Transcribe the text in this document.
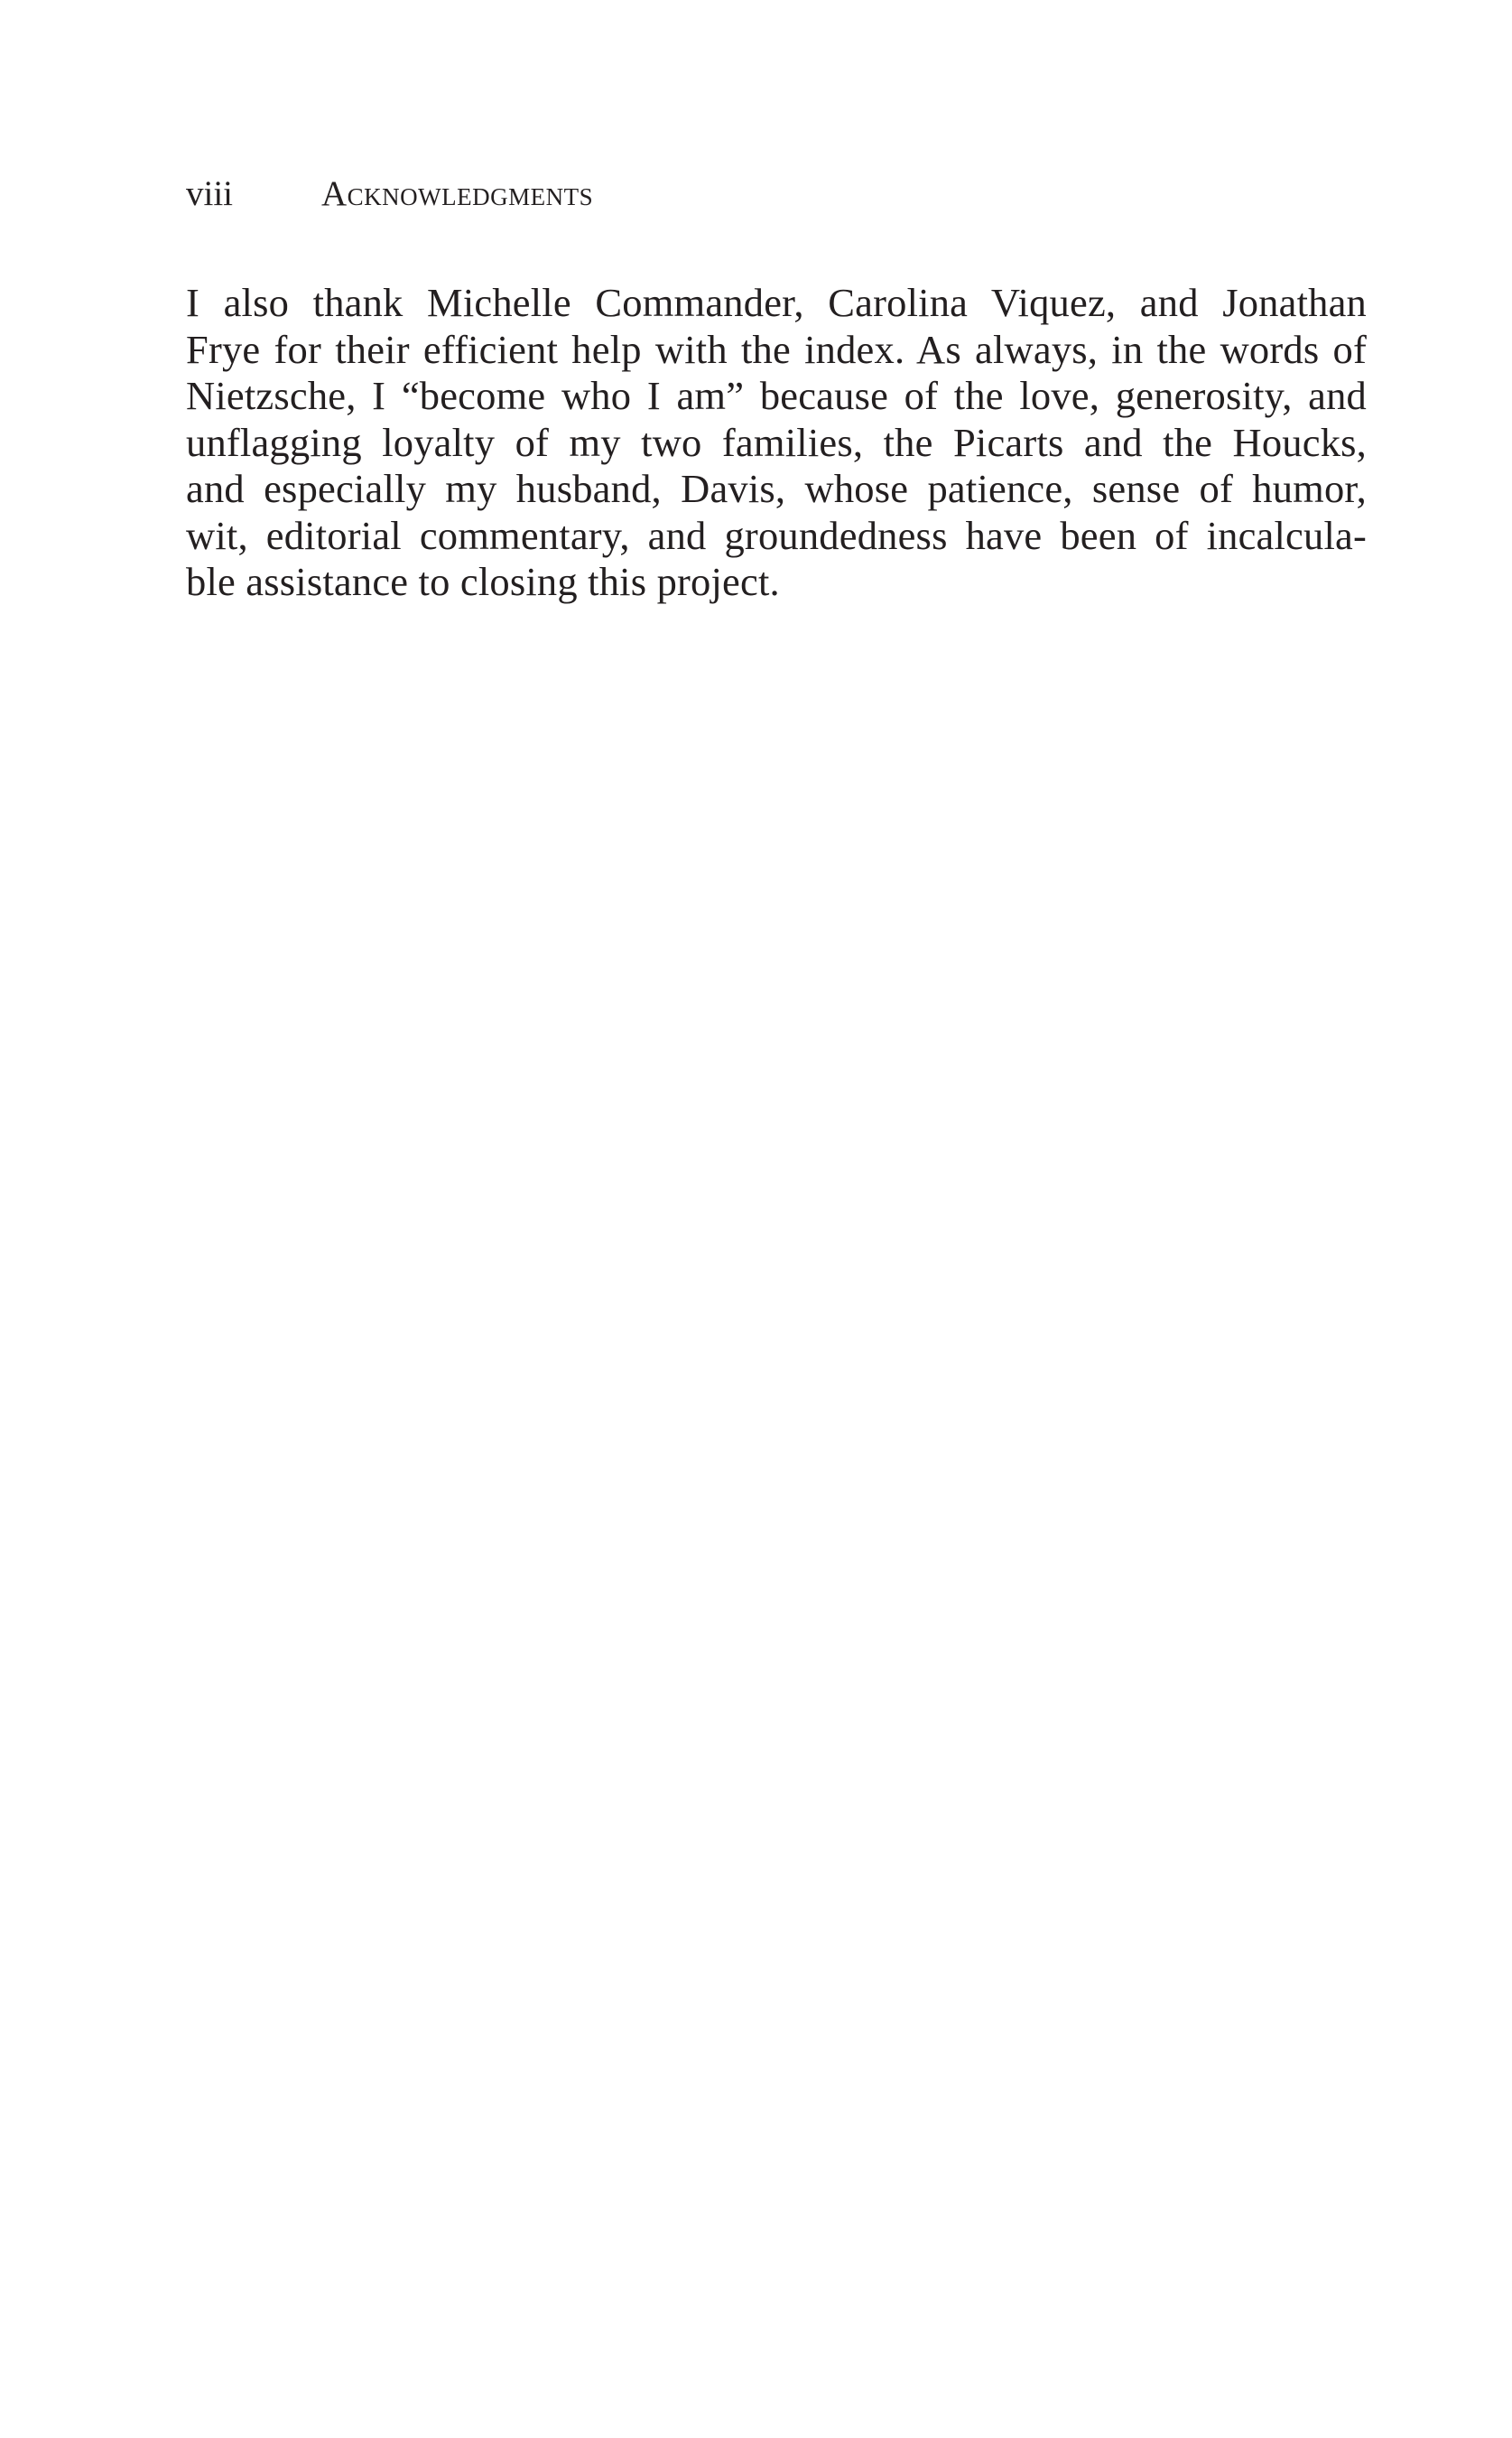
viii	Acknowledgments

I also thank Michelle Commander, Carolina Viquez, and Jonathan
Frye for their efficient help with the index. As always, in the words of
Nietzsche, I “become who I am” because of the love, generosity, and
unflagging loyalty of my two families, the Picarts and the Houcks,
and especially my husband, Davis, whose patience, sense of humor,
wit, editorial commentary, and groundedness have been of incalcula-
ble assistance to closing this project.
